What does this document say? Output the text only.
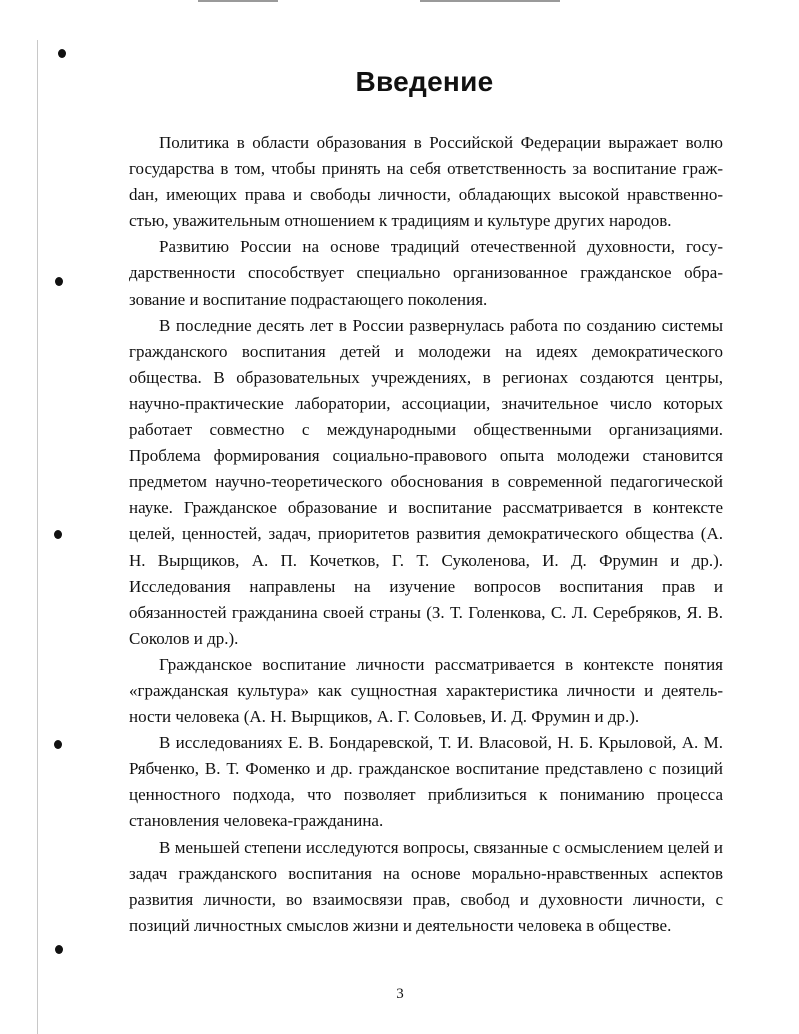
Введение

Политика в области образования в Российской Федерации выражает волю государства в том, чтобы принять на себя ответственность за воспитание гражdан, имеющих права и свободы личности, обладающих высокой нравственностью, уважительным отношением к традициям и культуре других народов.

Развитию России на основе традиций отечественной духовности, государственности способствует специально организованное гражданское образование и воспитание подрастающего поколения.

В последние десять лет в России развернулась работа по созданию системы гражданского воспитания детей и молодежи на идеях демократического общества. В образовательных учреждениях, в регионах создаются центры, научно-практические лаборатории, ассоциации, значительное число которых работает совместно с международными общественными организациями. Проблема формирования социально-правового опыта молодежи становится предметом научно-теоретического обоснования в современной педагогической науке. Гражданское образование и воспитание рассматривается в контексте целей, ценностей, задач, приоритетов развития демократического общества (А. Н. Вырщиков, А. П. Кочетков, Г. Т. Суколенова, И. Д. Фрумин и др.). Исследования направлены на изучение вопросов воспитания прав и обязанностей гражданина своей страны (З. Т. Голенкова, С. Л. Серебряков, Я. В. Соколов и др.).

Гражданское воспитание личности рассматривается в контексте понятия «гражданская культура» как сущностная характеристика личности и деятельности человека (А. Н. Вырщиков, А. Г. Соловьев, И. Д. Фрумин и др.).

В исследованиях Е. В. Бондаревской, Т. И. Власовой, Н. Б. Крыловой, А. М. Рябченко, В. Т. Фоменко и др. гражданское воспитание представлено с позиций ценностного подхода, что позволяет приблизиться к пониманию процесса становления человека-гражданина.

В меньшей степени исследуются вопросы, связанные с осмыслением целей и задач гражданского воспитания на основе морально-нравственных аспектов развития личности, во взаимосвязи прав, свобод и духовности личности, с позиций личностных смыслов жизни и деятельности человека в обществе.

3
